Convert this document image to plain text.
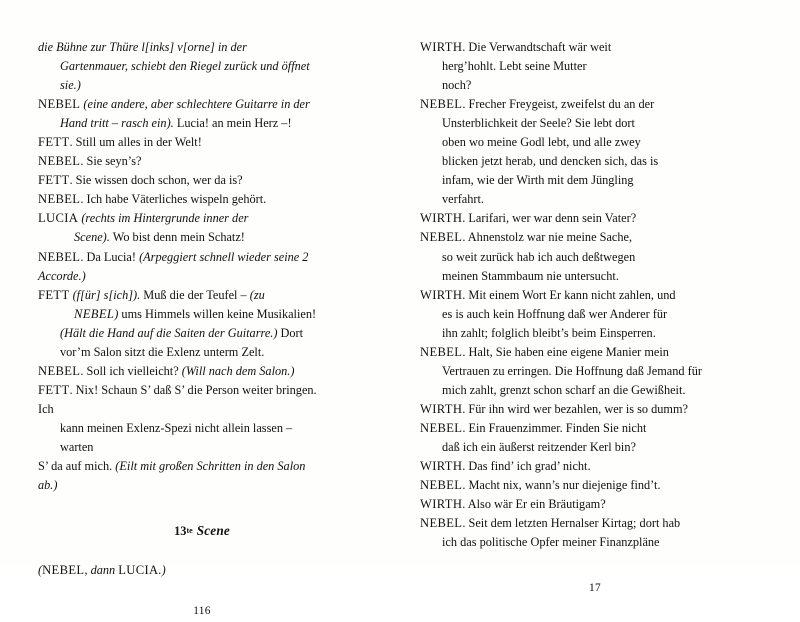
die Bühne zur Thüre l[inks] v[orne] in der
Gartenmauer, schiebt den Riegel zurück und öffnet
sie.)

NEBEL (eine andere, aber schlechtere Guitarre in der
Hand tritt – rasch ein). Lucia! an mein Herz –!

FETT. Still um alles in der Welt!

NEBEL. Sie seyn’s?

FETT. Sie wissen doch schon, wer da is?

NEBEL. Ich habe Väterliches wispeln gehört.

LUCIA (rechts im Hintergrunde inner der
Scene). Wo bist denn mein Schatz!

NEBEL. Da Lucia! (Arpeggiert schnell wieder seine 2
Accorde.)

FETT (f[ür] s[ich]). Muß die der Teufel – (zu
NEBEL) ums Himmels willen keine Musikalien!
(Hält die Hand auf die Saiten der Guitarre.) Dort
vor’m Salon sitzt die Exlenz unterm Zelt.

NEBEL. Soll ich vielleicht? (Will nach dem Salon.)

FETT. Nix! Schaun S’ daß S’ die Person weiter bringen.
Ich
kann meinen Exlenz-Spezi nicht allein lassen –
warten
S’ da auf mich. (Eilt mit großen Schritten in den Salon
ab.)

13te Scene
(NEBEL, dann LUCIA.)
116

WIRTH. Die Verwandtschaft wär weit
herg’hohlt. Lebt seine Mutter
noch?

NEBEL. Frecher Freygeist, zweifelst du an der
Unsterblichkeit der Seele? Sie lebt dort
oben wo meine Godl lebt, und alle zwey
blicken jetzt herab, und dencken sich, das is
infam, wie der Wirth mit dem Jüngling
verfahrt.

WIRTH. Larifari, wer war denn sein Vater?

NEBEL. Ahnenstolz war nie meine Sache,
so weit zurück hab ich auch deßtwegen
meinen Stammbaum nie untersucht.

WIRTH. Mit einem Wort Er kann nicht zahlen, und
es is auch kein Hoffnung daß wer Anderer für
ihn zahlt; folglich bleibt’s beim Einsperren.

NEBEL. Halt, Sie haben eine eigene Manier mein
Vertrauen zu erringen. Die Hoffnung daß Jemand für
mich zahlt, grenzt schon scharf an die Gewißheit.

WIRTH. Für ihn wird wer bezahlen, wer is so dumm?

NEBEL. Ein Frauenzimmer. Finden Sie nicht
daß ich ein äußerst reitzender Kerl bin?

WIRTH. Das find’ ich grad’ nicht.

NEBEL. Macht nix, wann’s nur diejenige find’t.

WIRTH. Also wär Er ein Bräutigam?

NEBEL. Seit dem letzten Hernalser Kirtag; dort hab
ich das politische Opfer meiner Finanzpläne

17
